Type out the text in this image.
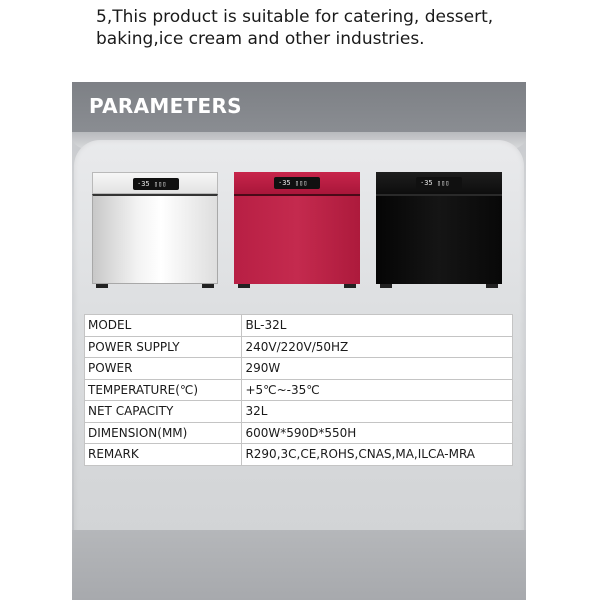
5,This product is suitable for catering, dessert,
baking,ice cream and other industries.
PARAMETERS
·35 ▯▯▯	·35 ▯▯▯	·35 ▯▯▯
MODEL	BL-32L
POWER SUPPLY	240V/220V/50HZ
POWER	290W
TEMPERATURE(℃)	+5℃~-35℃
NET CAPACITY	32L
DIMENSION(MM)	600W*590D*550H
REMARK	R290,3C,CE,ROHS,CNAS,MA,ILCA-MRA
